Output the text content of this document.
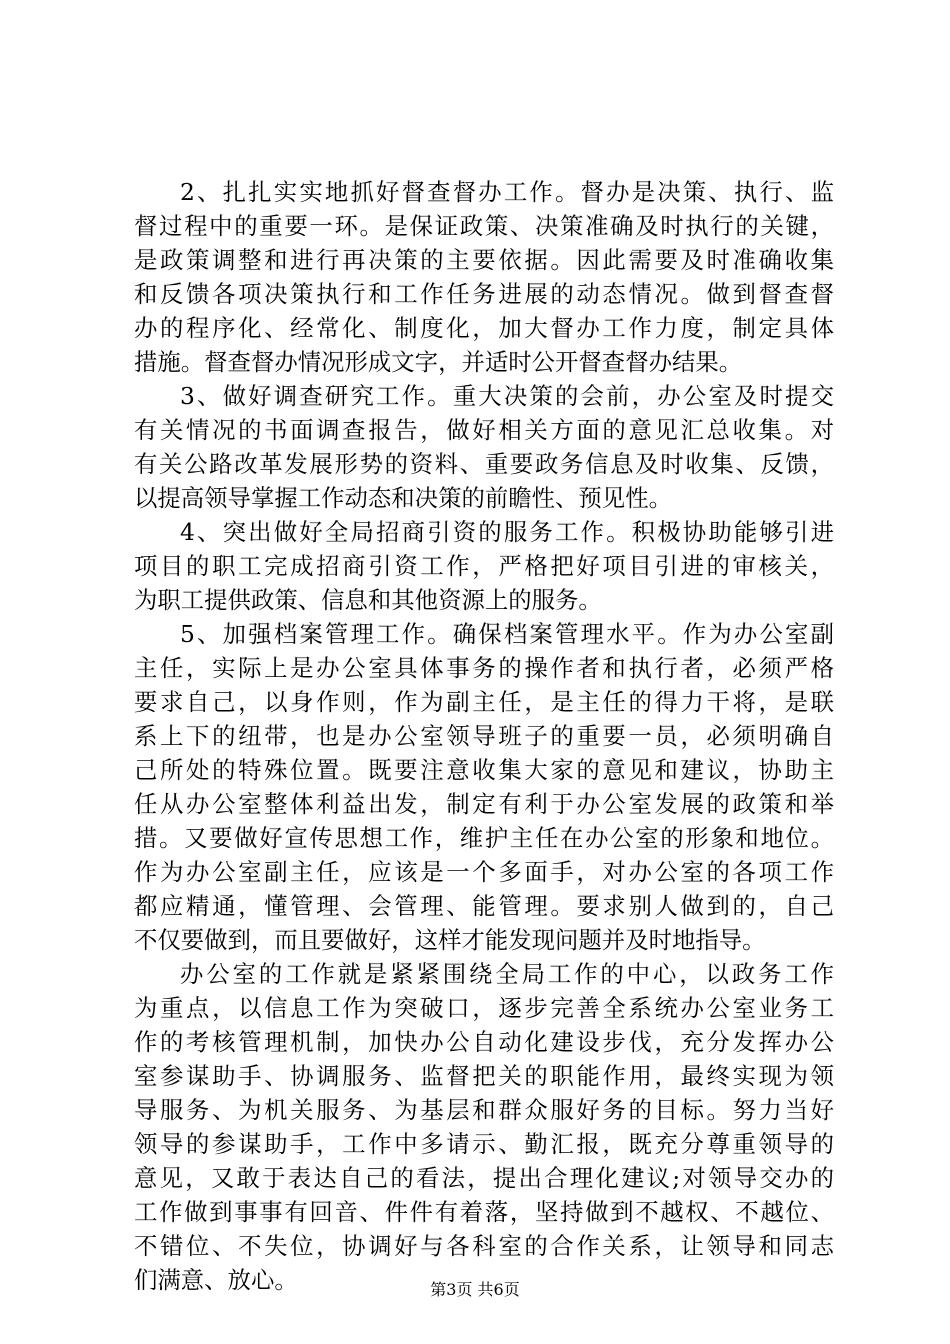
2、扎扎实实地抓好督查督办工作。督办是决策、执行、监
督过程中的重要一环。是保证政策、决策准确及时执行的关键，
是政策调整和进行再决策的主要依据。因此需要及时准确收集
和反馈各项决策执行和工作任务进展的动态情况。做到督查督
办的程序化、经常化、制度化，加大督办工作力度，制定具体
措施。督查督办情况形成文字，并适时公开督查督办结果。
3、做好调查研究工作。重大决策的会前，办公室及时提交
有关情况的书面调查报告，做好相关方面的意见汇总收集。对
有关公路改革发展形势的资料、重要政务信息及时收集、反馈，
以提高领导掌握工作动态和决策的前瞻性、预见性。
4、突出做好全局招商引资的服务工作。积极协助能够引进
项目的职工完成招商引资工作，严格把好项目引进的审核关，
为职工提供政策、信息和其他资源上的服务。
5、加强档案管理工作。确保档案管理水平。作为办公室副
主任，实际上是办公室具体事务的操作者和执行者，必须严格
要求自己，以身作则，作为副主任，是主任的得力干将，是联
系上下的纽带，也是办公室领导班子的重要一员，必须明确自
己所处的特殊位置。既要注意收集大家的意见和建议，协助主
任从办公室整体利益出发，制定有利于办公室发展的政策和举
措。又要做好宣传思想工作，维护主任在办公室的形象和地位。
作为办公室副主任，应该是一个多面手，对办公室的各项工作
都应精通，懂管理、会管理、能管理。要求别人做到的，自己
不仅要做到，而且要做好，这样才能发现问题并及时地指导。
办公室的工作就是紧紧围绕全局工作的中心，以政务工作
为重点，以信息工作为突破口，逐步完善全系统办公室业务工
作的考核管理机制，加快办公自动化建设步伐，充分发挥办公
室参谋助手、协调服务、监督把关的职能作用，最终实现为领
导服务、为机关服务、为基层和群众服好务的目标。努力当好
领导的参谋助手，工作中多请示、勤汇报，既充分尊重领导的
意见，又敢于表达自己的看法，提出合理化建议;对领导交办的
工作做到事事有回音、件件有着落，坚持做到不越权、不越位、
不错位、不失位，协调好与各科室的合作关系，让领导和同志
们满意、放心。	第3页 共6页
